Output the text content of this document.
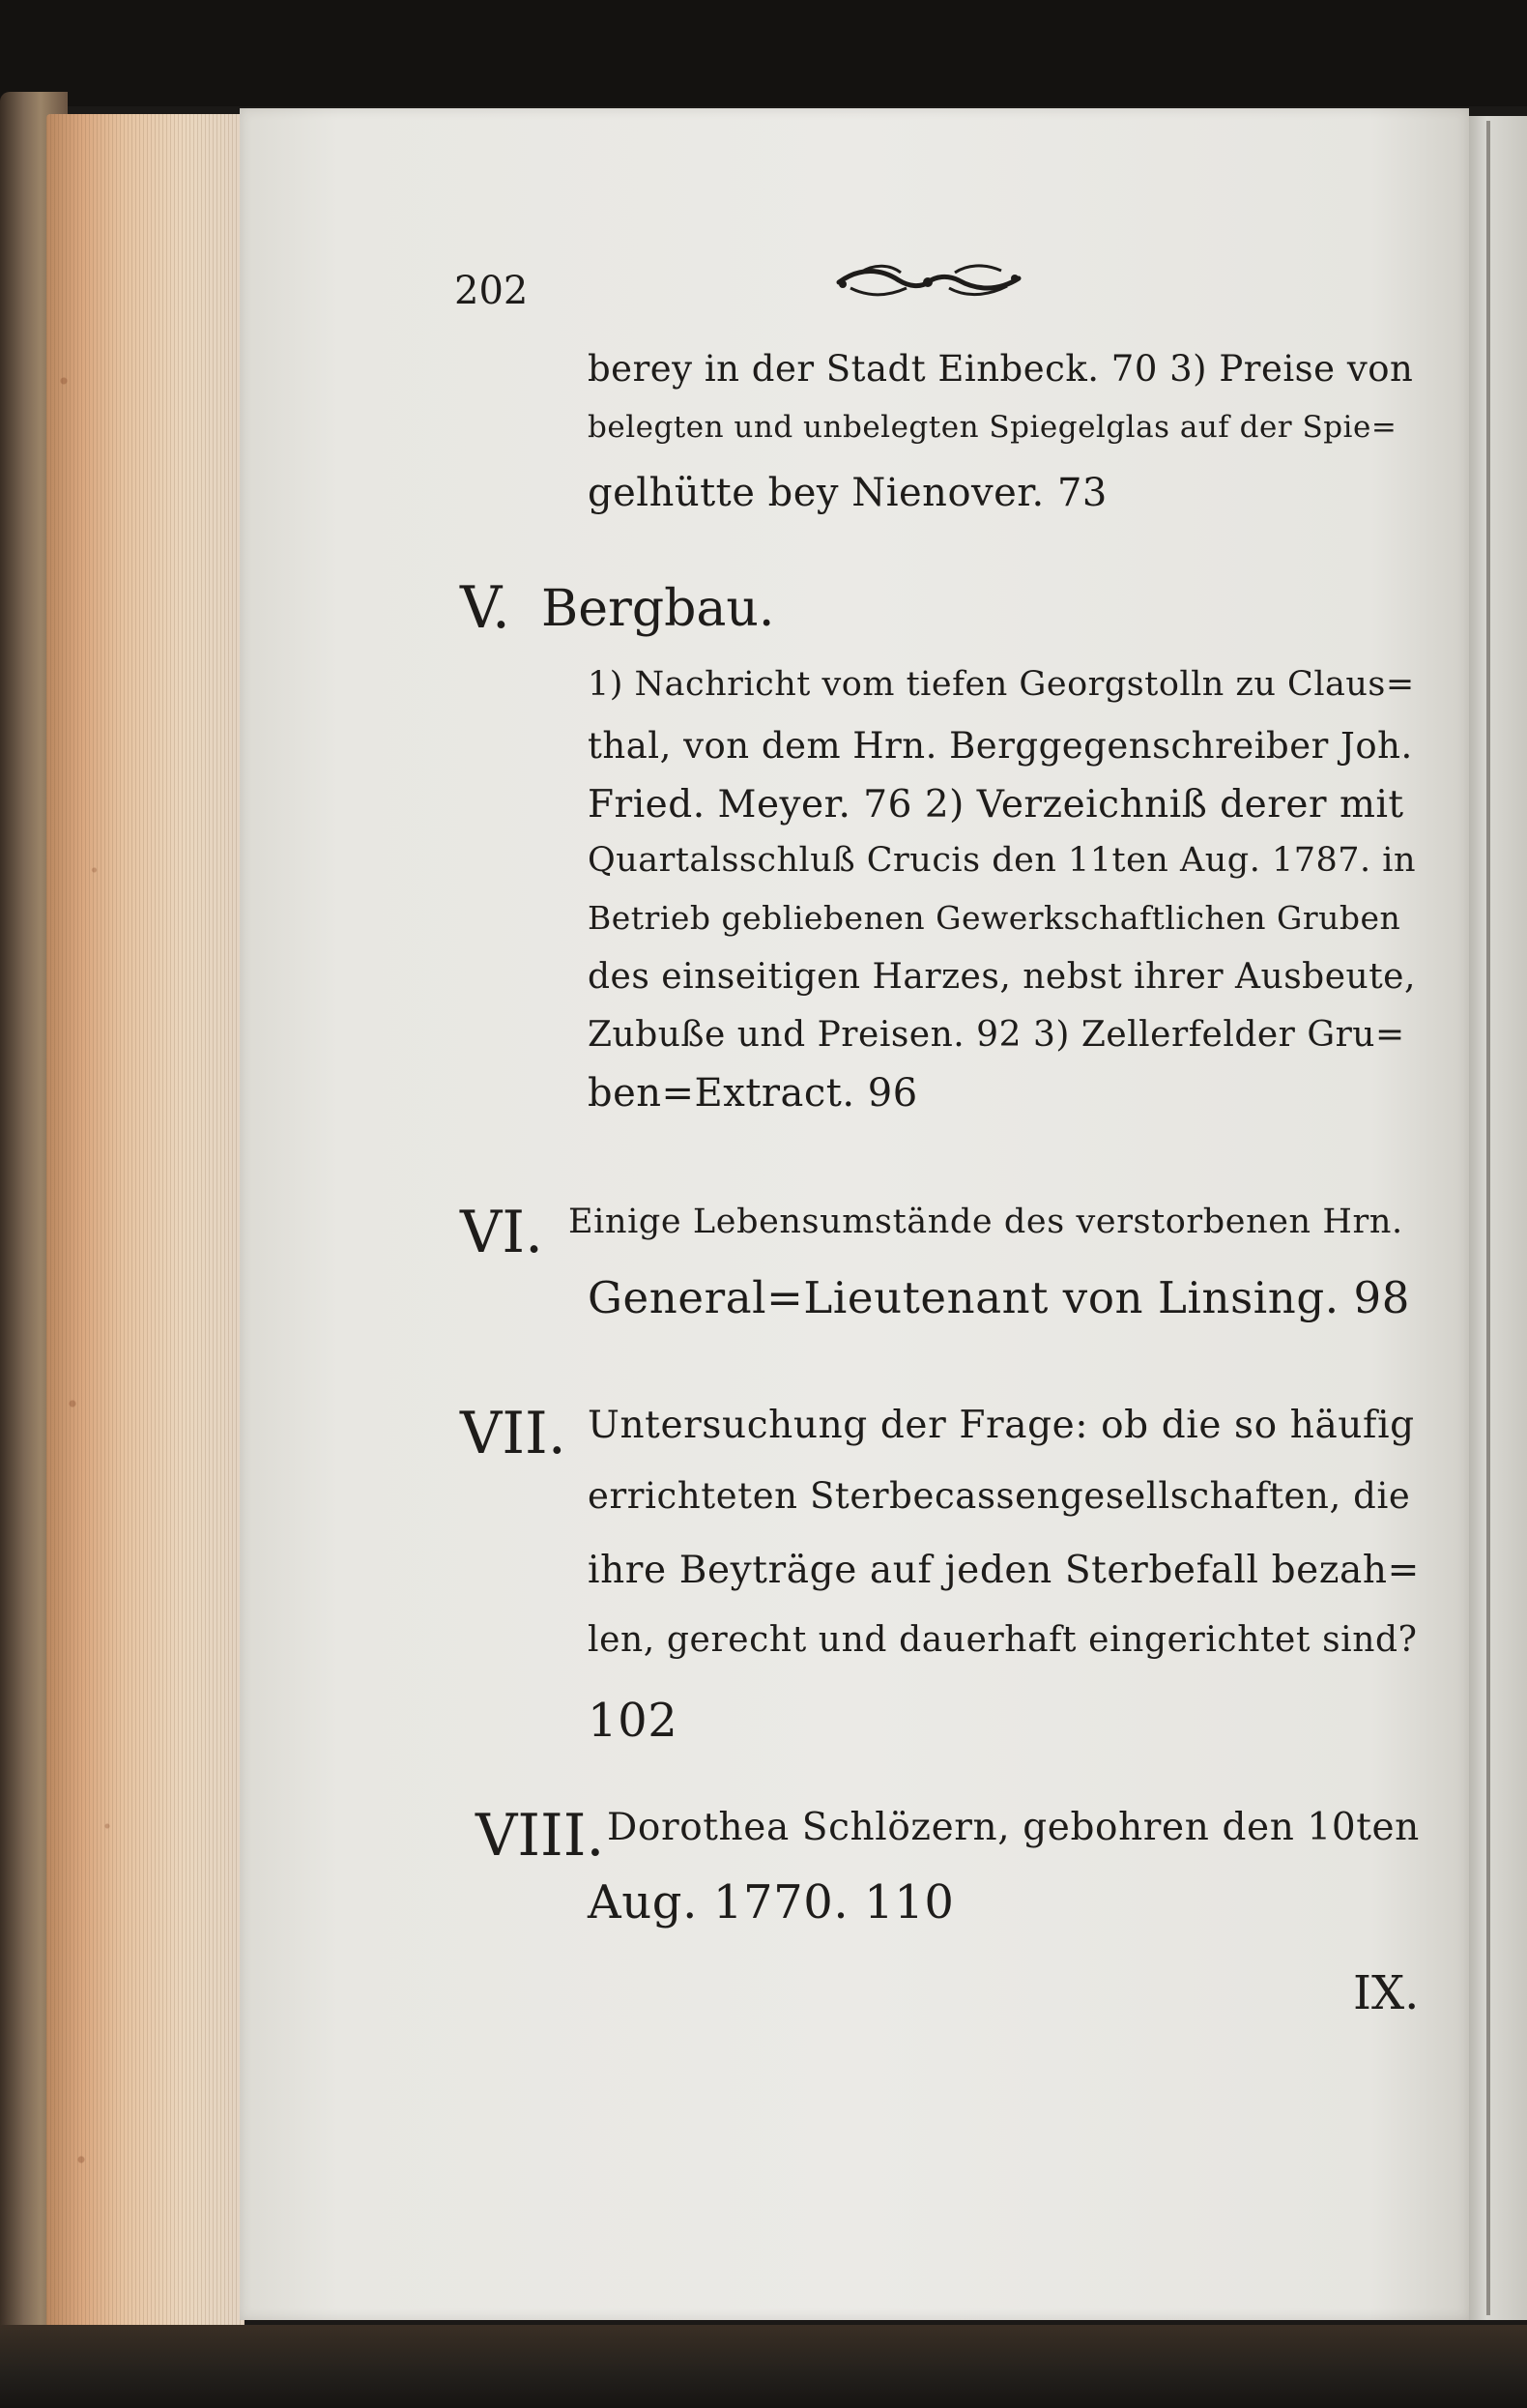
202
berey in der Stadt Einbeck. 70 3) Preise von
belegten und unbelegten Spiegelglas auf der Spie=
gelhütte bey Nienover. 73
V. Bergbau.
1) Nachricht vom tiefen Georgstolln zu Claus=
thal, von dem Hrn. Berggegenschreiber Joh.
Fried. Meyer. 76 2) Verzeichniß derer mit
Quartalsschluß Crucis den 11ten Aug. 1787. in
Betrieb gebliebenen Gewerkschaftlichen Gruben
des einseitigen Harzes, nebst ihrer Ausbeute,
Zubuße und Preisen. 92 3) Zellerfelder Gru=
ben=Extract. 96
VI. Einige Lebensumstände des verstorbenen Hrn.
General=Lieutenant von Linsing. 98
VII. Untersuchung der Frage: ob die so häufig
errichteten Sterbecassengesellschaften, die
ihre Beyträge auf jeden Sterbefall bezah=
len, gerecht und dauerhaft eingerichtet sind?
102
VIII. Dorothea Schlözern, gebohren den 10ten
Aug. 1770. 110
IX.
